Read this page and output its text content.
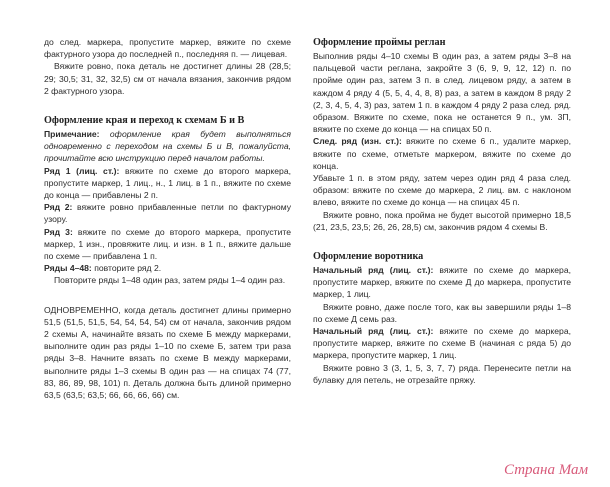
до след. маркера, пропустите маркер, вяжите по схеме фактурного узора до последней п., последняя п. — лицевая.

Вяжите ровно, пока деталь не достигнет длины 28 (28,5; 29; 30,5; 31, 32, 32,5) см от начала вязания, закончив рядом 2 фактурного узора.

Оформление края и переход к схемам Б и В

Примечание: оформление края будет выполняться одновременно с переходом на схемы Б и В, пожалуйста, прочитайте всю инструкцию перед началом работы.

Ряд 1 (лиц. ст.): вяжите по схеме до второго маркера, пропустите маркер, 1 лиц., н., 1 лиц. в 1 п., вяжите по схеме до конца — прибавлены 2 п.

Ряд 2: вяжите ровно прибавленные петли по фактурному узору.

Ряд 3: вяжите по схеме до второго маркера, пропустите маркер, 1 изн., провяжите лиц. и изн. в 1 п., вяжите дальше по схеме — прибавлена 1 п.

Ряды 4–48: повторите ряд 2.

Повторите ряды 1–48 один раз, затем ряды 1–4 один раз.

ОДНОВРЕМЕННО, когда деталь достигнет длины примерно 51,5 (51,5, 51,5, 54, 54, 54, 54) см от начала, закончив рядом 2 схемы А, начинайте вязать по схеме Б между маркерами, выполните один раз ряды 1–10 по схеме Б, затем три раза ряды 3–8. Начните вязать по схеме В между маркерами, выполните ряды 1–3 схемы В один раз — на спицах 74 (77, 83, 86, 89, 98, 101) п. Деталь должна быть длиной примерно 63,5 (63,5; 63,5; 66, 66, 66, 66) см.

Оформление проймы реглан

Выполнив ряды 4–10 схемы В один раз, а затем ряды 3–8 на пальцевой части реглана, закройте 3 (6, 9, 9, 12, 12) п. по пройме один раз, затем 3 п. в след. лицевом ряду, а затем в каждом 4 ряду 4 (5, 5, 4, 4, 8, 8) раз, а затем в каждом 8 ряду 2 (2, 3, 4, 5, 4, 3) раз, затем 1 п. в каждом 4 ряду 2 раза след. ряд. образом. Вяжите по схеме, пока не останется 9 п., ум. 3П, вяжите по схеме до конца — на спицах 50 п.

След. ряд (изн. ст.): вяжите по схеме 6 п., удалите маркер, вяжите по схеме, отметьте маркером, вяжите по схеме до конца.

Убавьте 1 п. в этом ряду, затем через один ряд 4 раза след. образом: вяжите по схеме до маркера, 2 лиц. вм. с наклоном влево, вяжите по схеме до конца — на спицах 45 п.

Вяжите ровно, пока пройма не будет высотой примерно 18,5 (21, 23,5, 23,5; 26, 26, 28,5) см, закончив рядом 4 схемы В.

Оформление воротника

Начальный ряд (лиц. ст.): вяжите по схеме до маркера, пропустите маркер, вяжите по схеме Д до маркера, пропустите маркер, 1 лиц.

Вяжите ровно, даже после того, как вы завершили ряды 1–8 по схеме Д семь раз.

Начальный ряд (лиц. ст.): вяжите по схеме до маркера, пропустите маркер, вяжите по схеме В (начиная с ряда 5) до маркера, пропустите маркер, 1 лиц.

Вяжите ровно 3 (3, 1, 5, 3, 7, 7) ряда. Перенесите петли на булавку для петель, не отрезайте пряжу.

Страна Мам
